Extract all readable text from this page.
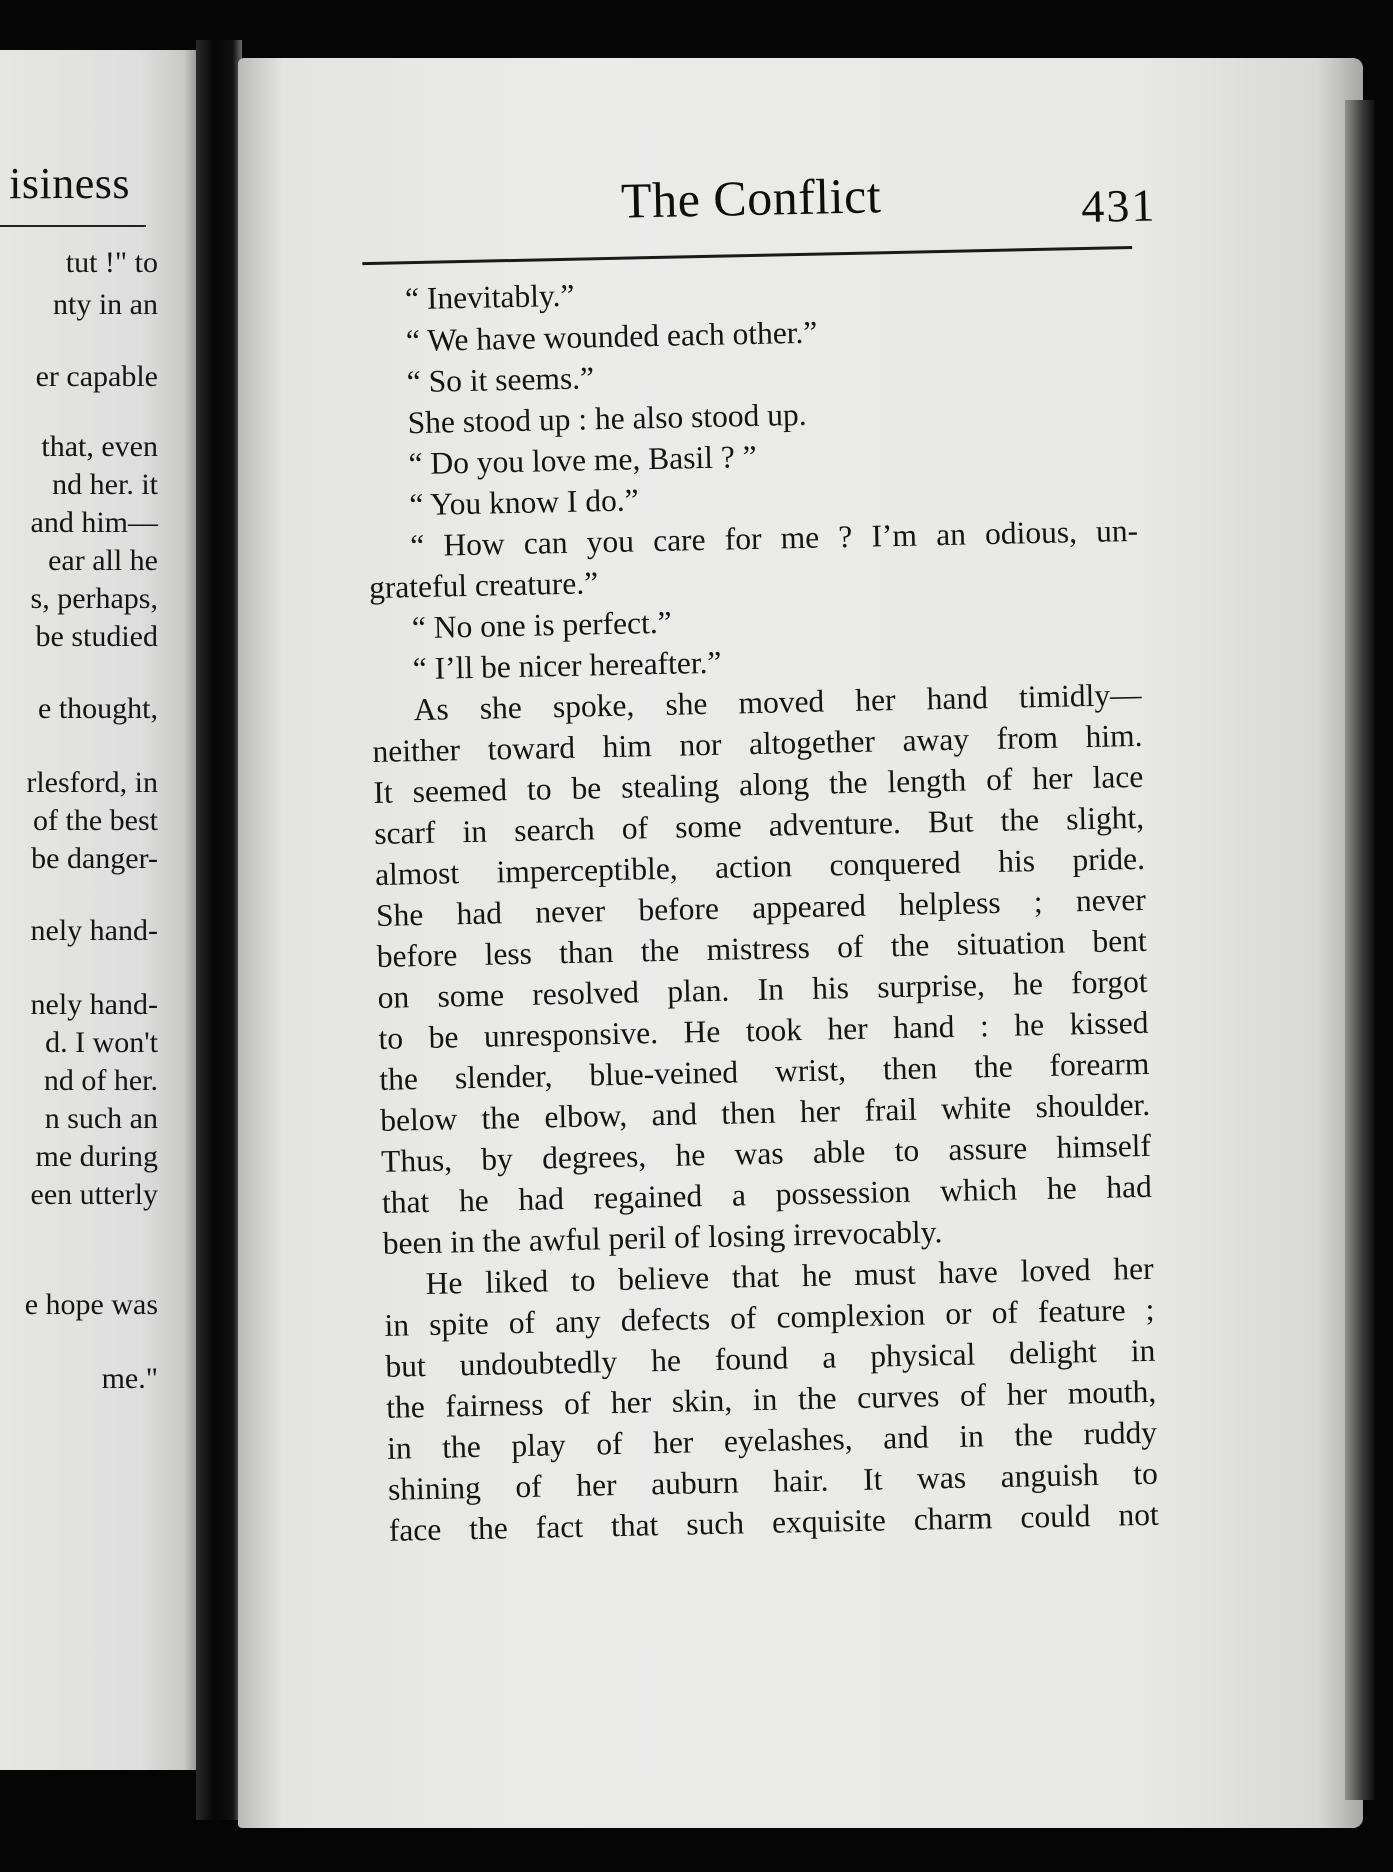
isiness
tut !" to
nty in an
er capable
that, even
nd her. it
and him—
ear all he
s, perhaps,
be studied
e thought,
rlesford, in
of the best
be danger-
nely hand-
nely hand-
d. I won't
nd of her.
n such an
me during
een utterly
e hope was
me."
The Conflict	431
“ Inevitably.”
“ We have wounded each other.”
“ So it seems.”
She stood up : he also stood up.
“ Do you love me, Basil ? ”
“ You know I do.”
“ How can you care for me ? I’m an odious, un-
grateful creature.”
“ No one is perfect.”
“ I’ll be nicer hereafter.”
As she spoke, she moved her hand timidly—
neither toward him nor altogether away from him.
It seemed to be stealing along the length of her lace
scarf in search of some adventure. But the slight,
almost imperceptible, action conquered his pride.
She had never before appeared helpless ; never
before less than the mistress of the situation bent
on some resolved plan. In his surprise, he forgot
to be unresponsive. He took her hand : he kissed
the slender, blue-veined wrist, then the forearm
below the elbow, and then her frail white shoulder.
Thus, by degrees, he was able to assure himself
that he had regained a possession which he had
been in the awful peril of losing irrevocably.
He liked to believe that he must have loved her
in spite of any defects of complexion or of feature ;
but undoubtedly he found a physical delight in
the fairness of her skin, in the curves of her mouth,
in the play of her eyelashes, and in the ruddy
shining of her auburn hair. It was anguish to
face the fact that such exquisite charm could not
